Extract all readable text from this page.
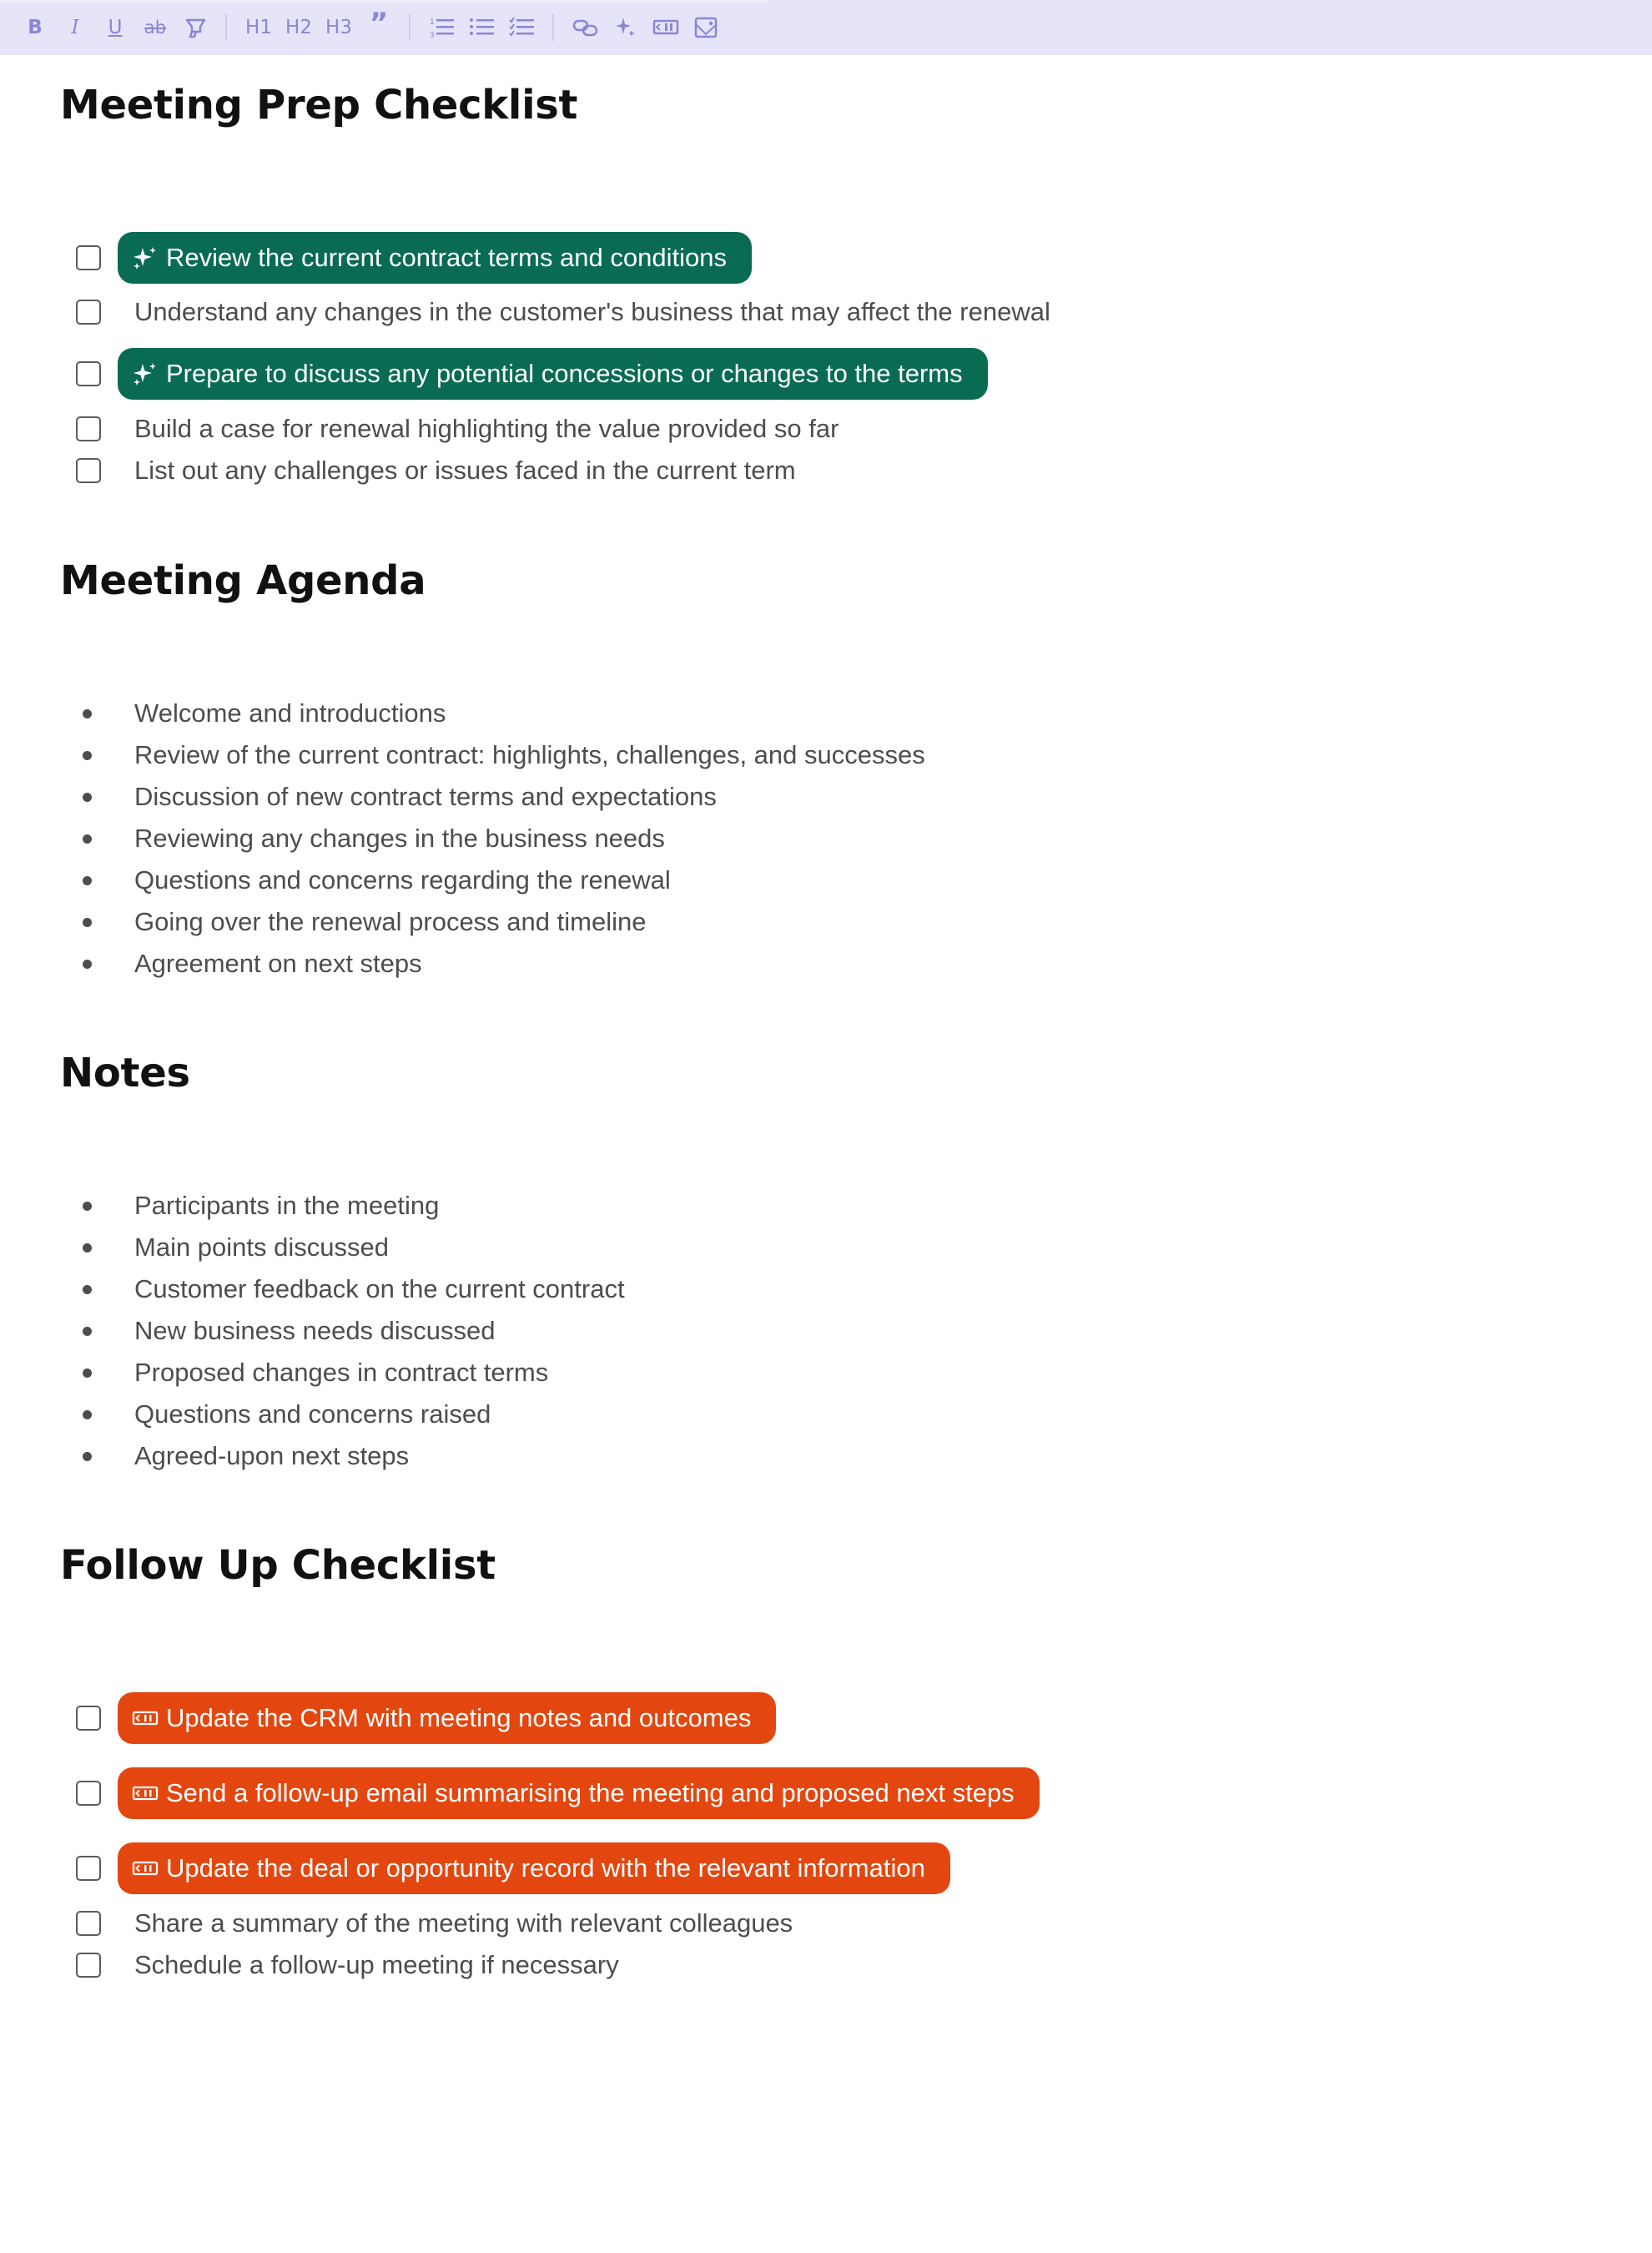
B I U ab	H1 H2 H3 ”	1
3
Meeting Prep Checklist
Review the current contract terms and conditions
Understand any changes in the customer's business that may affect the renewal
Prepare to discuss any potential concessions or changes to the terms
Build a case for renewal highlighting the value provided so far
List out any challenges or issues faced in the current term
Meeting Agenda
Welcome and introductions
Review of the current contract: highlights, challenges, and successes
Discussion of new contract terms and expectations
Reviewing any changes in the business needs
Questions and concerns regarding the renewal
Going over the renewal process and timeline
Agreement on next steps
Notes
Participants in the meeting
Main points discussed
Customer feedback on the current contract
New business needs discussed
Proposed changes in contract terms
Questions and concerns raised
Agreed-upon next steps
Follow Up Checklist
Update the CRM with meeting notes and outcomes
Send a follow-up email summarising the meeting and proposed next steps
Update the deal or opportunity record with the relevant information
Share a summary of the meeting with relevant colleagues
Schedule a follow-up meeting if necessary
